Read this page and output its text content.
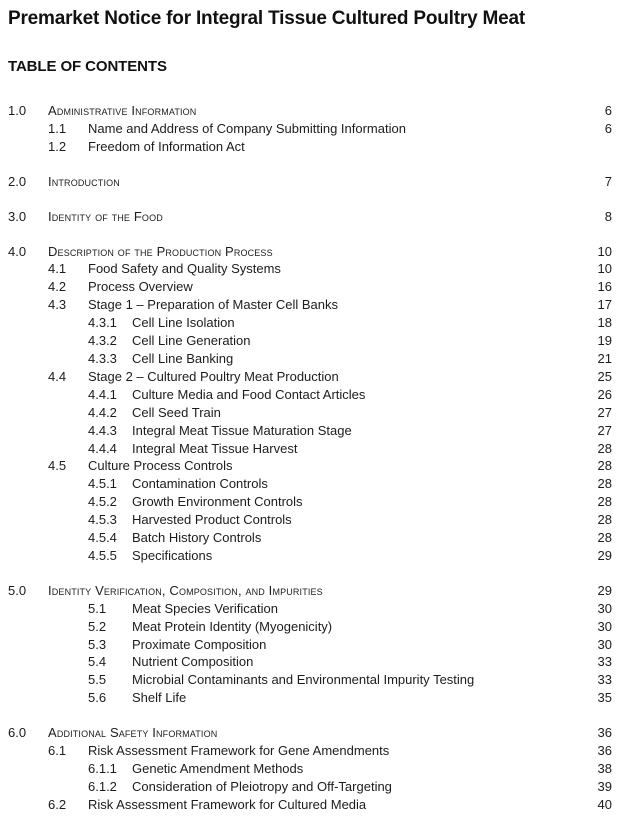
Premarket Notice for Integral Tissue Cultured Poultry Meat
TABLE OF CONTENTS
1.0	Administrative Information	6
1.1	Name and Address of Company Submitting Information	6
1.2	Freedom of Information Act
2.0	Introduction	7
3.0	Identity of the Food	8
4.0	Description of the Production Process	10
4.1	Food Safety and Quality Systems	10
4.2	Process Overview	16
4.3	Stage 1 – Preparation of Master Cell Banks	17
4.3.1	Cell Line Isolation	18
4.3.2	Cell Line Generation	19
4.3.3	Cell Line Banking	21
4.4	Stage 2 – Cultured Poultry Meat Production	25
4.4.1	Culture Media and Food Contact Articles	26
4.4.2	Cell Seed Train	27
4.4.3	Integral Meat Tissue Maturation Stage	27
4.4.4	Integral Meat Tissue Harvest	28
4.5	Culture Process Controls	28
4.5.1	Contamination Controls	28
4.5.2	Growth Environment Controls	28
4.5.3	Harvested Product Controls	28
4.5.4	Batch History Controls	28
4.5.5	Specifications	29
5.0	Identity Verification, Composition, and Impurities	29
5.1	Meat Species Verification	30
5.2	Meat Protein Identity (Myogenicity)	30
5.3	Proximate Composition	30
5.4	Nutrient Composition	33
5.5	Microbial Contaminants and Environmental Impurity Testing	33
5.6	Shelf Life	35
6.0	Additional Safety Information	36
6.1	Risk Assessment Framework for Gene Amendments	36
6.1.1	Genetic Amendment Methods	38
6.1.2	Consideration of Pleiotropy and Off-Targeting	39
6.2	Risk Assessment Framework for Cultured Media	40
